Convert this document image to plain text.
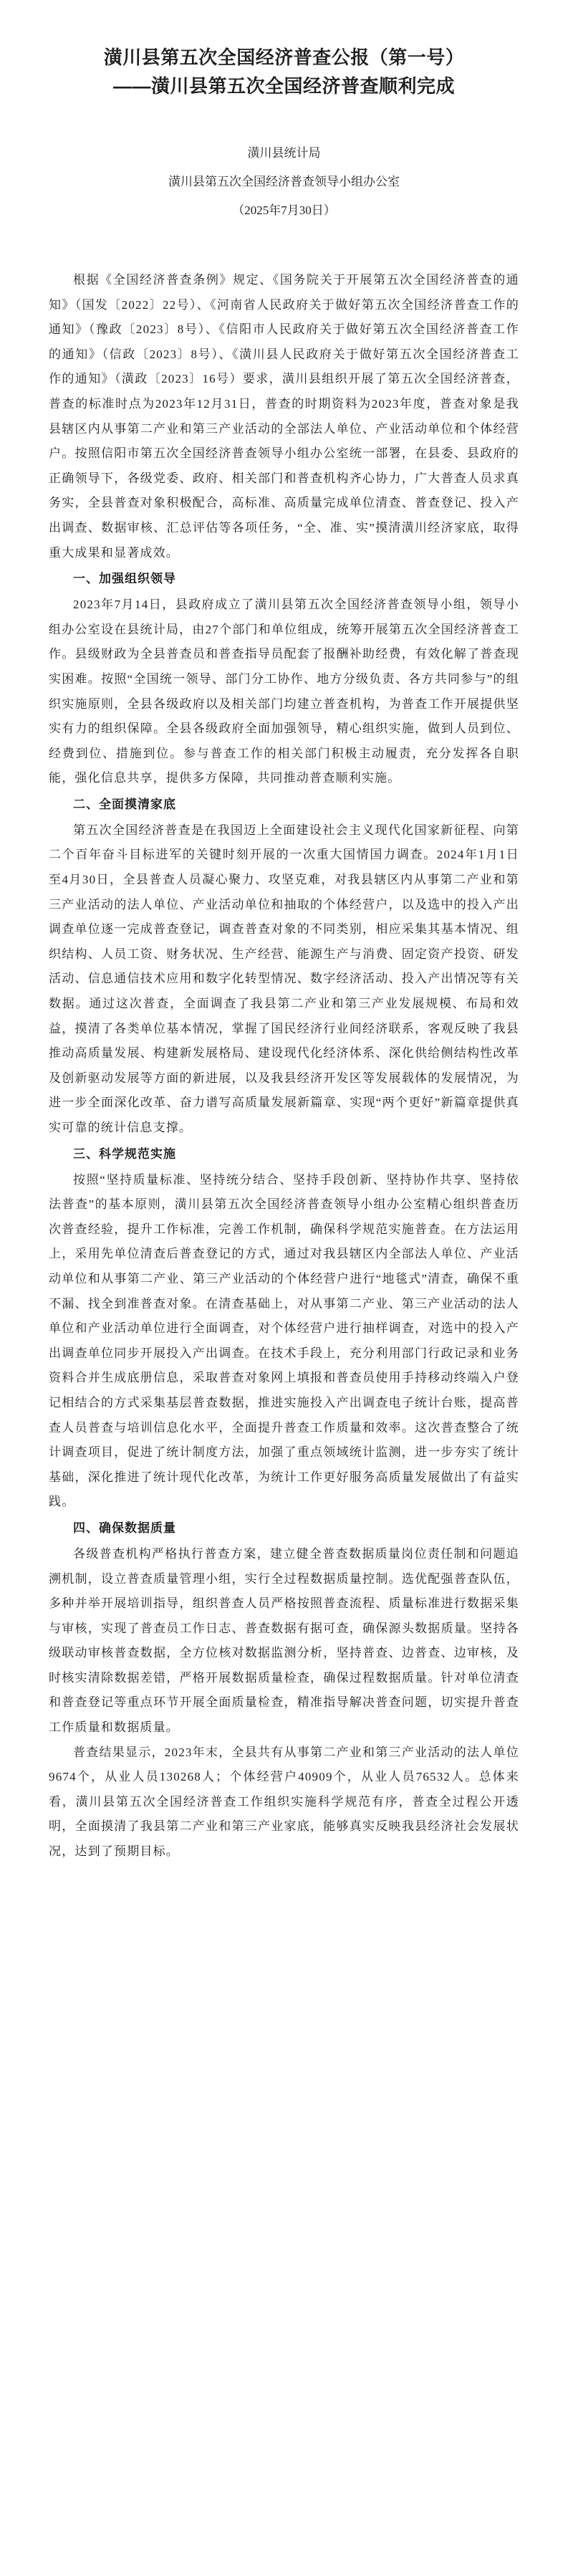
潢川县第五次全国经济普查公报（第一号）

——潢川县第五次全国经济普查顺利完成

潢川县统计局

潢川县第五次全国经济普查领导小组办公室

（2025年7月30日）

根据《全国经济普查条例》规定、《国务院关于开展第五次全国经济普查的通知》（国发〔2022〕22号）、《河南省人民政府关于做好第五次全国经济普查工作的通知》（豫政〔2023〕8号）、《信阳市人民政府关于做好第五次全国经济普查工作的通知》（信政〔2023〕8号）、《潢川县人民政府关于做好第五次全国经济普查工作的通知》（潢政〔2023〕16号）要求，潢川县组织开展了第五次全国经济普查，普查的标准时点为2023年12月31日，普查的时期资料为2023年度，普查对象是我县辖区内从事第二产业和第三产业活动的全部法人单位、产业活动单位和个体经营户。按照信阳市第五次全国经济普查领导小组办公室统一部署，在县委、县政府的正确领导下，各级党委、政府、相关部门和普查机构齐心协力，广大普查人员求真务实，全县普查对象积极配合，高标准、高质量完成单位清查、普查登记、投入产出调查、数据审核、汇总评估等各项任务，“全、准、实”摸清潢川经济家底，取得重大成果和显著成效。

一、加强组织领导

2023年7月14日，县政府成立了潢川县第五次全国经济普查领导小组，领导小组办公室设在县统计局，由27个部门和单位组成，统筹开展第五次全国经济普查工作。县级财政为全县普查员和普查指导员配套了报酬补助经费，有效化解了普查现实困难。按照“全国统一领导、部门分工协作、地方分级负责、各方共同参与”的组织实施原则，全县各级政府以及相关部门均建立普查机构，为普查工作开展提供坚实有力的组织保障。全县各级政府全面加强领导，精心组织实施，做到人员到位、经费到位、措施到位。参与普查工作的相关部门积极主动履责，充分发挥各自职能，强化信息共享，提供多方保障，共同推动普查顺利实施。

二、全面摸清家底

第五次全国经济普查是在我国迈上全面建设社会主义现代化国家新征程、向第二个百年奋斗目标进军的关键时刻开展的一次重大国情国力调查。2024年1月1日至4月30日，全县普查人员凝心聚力、攻坚克难，对我县辖区内从事第二产业和第三产业活动的法人单位、产业活动单位和抽取的个体经营户，以及选中的投入产出调查单位逐一完成普查登记，调查普查对象的不同类别，相应采集其基本情况、组织结构、人员工资、财务状况、生产经营、能源生产与消费、固定资产投资、研发活动、信息通信技术应用和数字化转型情况、数字经济活动、投入产出情况等有关数据。通过这次普查，全面调查了我县第二产业和第三产业发展规模、布局和效益，摸清了各类单位基本情况，掌握了国民经济行业间经济联系，客观反映了我县推动高质量发展、构建新发展格局、建设现代化经济体系、深化供给侧结构性改革及创新驱动发展等方面的新进展，以及我县经济开发区等发展载体的发展情况，为进一步全面深化改革、奋力谱写高质量发展新篇章、实现“两个更好”新篇章提供真实可靠的统计信息支撑。

三、科学规范实施

按照“坚持质量标准、坚持统分结合、坚持手段创新、坚持协作共享、坚持依法普查”的基本原则，潢川县第五次全国经济普查领导小组办公室精心组织普查历次普查经验，提升工作标准，完善工作机制，确保科学规范实施普查。在方法运用上，采用先单位清查后普查登记的方式，通过对我县辖区内全部法人单位、产业活动单位和从事第二产业、第三产业活动的个体经营户进行“地毯式”清查，确保不重不漏、找全到准普查对象。在清查基础上，对从事第二产业、第三产业活动的法人单位和产业活动单位进行全面调查，对个体经营户进行抽样调查，对选中的投入产出调查单位同步开展投入产出调查。在技术手段上，充分利用部门行政记录和业务资料合并生成底册信息，采取普查对象网上填报和普查员使用手持移动终端入户登记相结合的方式采集基层普查数据，推进实施投入产出调查电子统计台账，提高普查人员普查与培训信息化水平，全面提升普查工作质量和效率。这次普查整合了统计调查项目，促进了统计制度方法，加强了重点领域统计监测，进一步夯实了统计基础，深化推进了统计现代化改革，为统计工作更好服务高质量发展做出了有益实践。

四、确保数据质量

各级普查机构严格执行普查方案，建立健全普查数据质量岗位责任制和问题追溯机制，设立普查质量管理小组，实行全过程数据质量控制。选优配强普查队伍，多种并举开展培训指导，组织普查人员严格按照普查流程、质量标准进行数据采集与审核，实现了普查员工作日志、普查数据有据可查，确保源头数据质量。坚持各级联动审核普查数据，全方位核对数据监测分析，坚持普查、边普查、边审核，及时核实清除数据差错，严格开展数据质量检查，确保过程数据质量。针对单位清查和普查登记等重点环节开展全面质量检查，精准指导解决普查问题，切实提升普查工作质量和数据质量。

普查结果显示，2023年末，全县共有从事第二产业和第三产业活动的法人单位9674个，从业人员130268人；个体经营户40909个，从业人员76532人。总体来看，潢川县第五次全国经济普查工作组织实施科学规范有序，普查全过程公开透明，全面摸清了我县第二产业和第三产业家底，能够真实反映我县经济社会发展状况，达到了预期目标。
